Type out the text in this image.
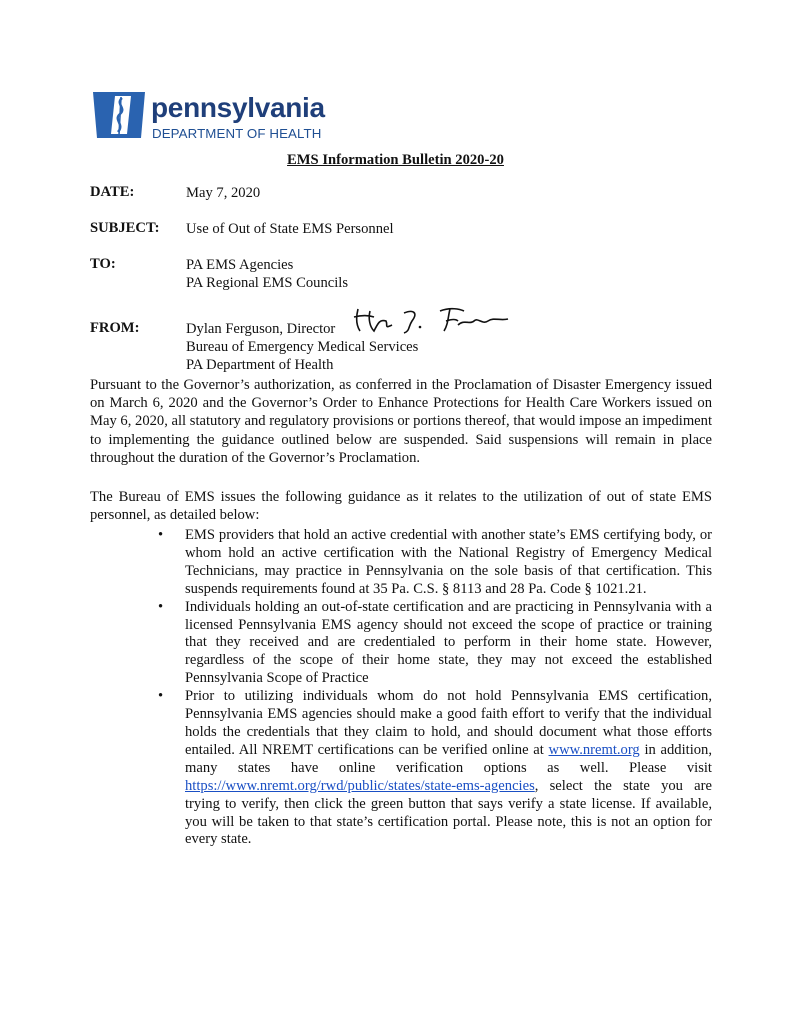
pennsylvania
DEPARTMENT OF HEALTH
EMS Information Bulletin 2020-20
DATE:	May 7, 2020
SUBJECT: Use of Out of State EMS Personnel
TO:	PA EMS Agencies
PA Regional EMS Councils
FROM:	Dylan Ferguson, Director
Bureau of Emergency Medical Services
PA Department of Health

Pursuant to the Governor’s authorization, as conferred in the Proclamation of Disaster Emergency issued on March 6, 2020 and the Governor’s Order to Enhance Protections for Health Care Workers issued on May 6, 2020, all statutory and regulatory provisions or portions thereof, that would impose an impediment to implementing the guidance outlined below are suspended. Said suspensions will remain in place throughout the duration of the Governor’s Proclamation.

The Bureau of EMS issues the following guidance as it relates to the utilization of out of state EMS personnel, as detailed below:

• EMS providers that hold an active credential with another state’s EMS certifying body, or whom hold an active certification with the National Registry of Emergency Medical Technicians, may practice in Pennsylvania on the sole basis of that certification. This suspends requirements found at 35 Pa. C.S. § 8113 and 28 Pa. Code § 1021.21.
• Individuals holding an out-of-state certification and are practicing in Pennsylvania with a licensed Pennsylvania EMS agency should not exceed the scope of practice or training that they received and are credentialed to perform in their home state. However, regardless of the scope of their home state, they may not exceed the established Pennsylvania Scope of Practice
• Prior to utilizing individuals whom do not hold Pennsylvania EMS certification, Pennsylvania EMS agencies should make a good faith effort to verify that the individual holds the credentials that they claim to hold, and should document what those efforts entailed. All NREMT certifications can be verified online at www.nremt.org in addition, many states have online verification options as well. Please visit https://www.nremt.org/rwd/public/states/state-ems-agencies, select the state you are trying to verify, then click the green button that says verify a state license. If available, you will be taken to that state’s certification portal. Please note, this is not an option for every state.
